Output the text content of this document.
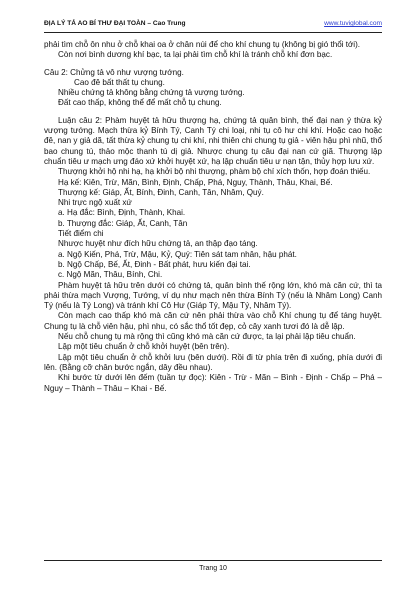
ĐỊA LÝ TẢ AO BÍ THƯ ĐẠI TOÀN – Cao Trung	www.tuviglobal.com

phải tìm chỗ ôn nhu ở chỗ khai oa ở chân núi để cho khí chung tụ (không bị gió thổi tới).

Còn nơi bình dương khí bạc, ta lại phải tìm chỗ khí là tránh chỗ khí đơn bạc.

Câu 2: Chửng tả vô như vượng tướng.

Cao đê bất thất tụ chung.

Nhiều chứng tả không bằng chứng tả vượng tướng.

Đất cao thấp, không thể để mất chỗ tụ chung.

Luận câu 2: Phàm huyệt tả hữu thượng hạ, chứng tả quân bình, thế đại nan ý thừa kỷ vượng tướng. Mạch thừa kỷ Bính Tý, Canh Tý chi loại, nhi tụ cô hư chi khí. Hoặc cao hoặc đê, nan y giả dã, tất thừa kỷ chung tụ chi khí, nhi thiên chi chung tụ giả - viên hậu phì nhũ, thổ bao chung tú, thảo mộc thanh tú dị giả. Nhược chung tụ câu đại nan cứ giã. Thượng lập chuẩn tiêu ư mạch ưng đáo xứ khởi huyệt xứ, hạ lập chuẩn tiêu ư nạn tận, thủy hợp lưu xứ.

Thượng khởi hộ nhi hạ, hạ khởi bộ nhi thượng, phàm bộ chí xích thốn, hợp đoán thiếu.

Hạ kế: Kiên, Trừ, Mãn, Bình, Định, Chấp, Phá, Nguy, Thành, Thâu, Khai, Bế.

Thượng kế: Giáp, Ất, Bính, Đinh, Canh, Tân, Nhâm, Quý.

Nhi trực ngộ xuất xứ

a. Hạ đắc: Bình, Định, Thành, Khai.

b. Thượng đắc: Giáp, Ất, Canh, Tân

Tiết điểm chi

Nhược huyệt như đích hữu chứng tả, an thập đạo táng.

a. Ngộ Kiến, Phá, Trừ, Mậu, Kỷ, Quý: Tiên sát tam nhân, hậu phát.

b. Ngộ Chấp, Bế, Ất, Đinh - Bất phát, hưu kiến đại tai.

c. Ngộ Mãn, Thâu, Bính, Chi.

Phàm huyệt tả hữu trên dưới có chứng tả, quân bình thế rộng lớn, khó mà căn cứ, thì ta phải thừa mạch Vượng, Tướng, ví dụ như mạch nên thừa Bính Tý (nếu là Nhâm Long) Canh Tý (nếu là Tý Long) và tránh khí Cô Hư (Giáp Tý, Mậu Tý, Nhâm Tý).

Còn mạch cao thấp khó mà căn cứ nên phải thừa vào chỗ Khí chung tụ để táng huyệt. Chung tụ là chỗ viên hậu, phì nhu, có sắc thổ tốt đẹp, cỏ cây xanh tươi đó là dễ lập.

Nếu chỗ chung tụ mà rộng thì cũng khó mà căn cứ được, ta lại phải lập tiêu chuẩn.

Lập một tiêu chuẩn ở chỗ khởi huyệt (bên trên).

Lập một tiêu chuẩn ở chỗ khởi lưu (bên dưới). Rồi đi từ phía trên đi xuống, phía dưới đi lên. (Bằng cỡ chân bước ngắn, dây đều nhau).

Khi bước từ dưới lên đếm (tuần tự đọc): Kiên - Trừ - Mãn – Bình - Định - Chấp – Phá – Nguy – Thành – Thâu – Khai - Bế.

Trang 10
